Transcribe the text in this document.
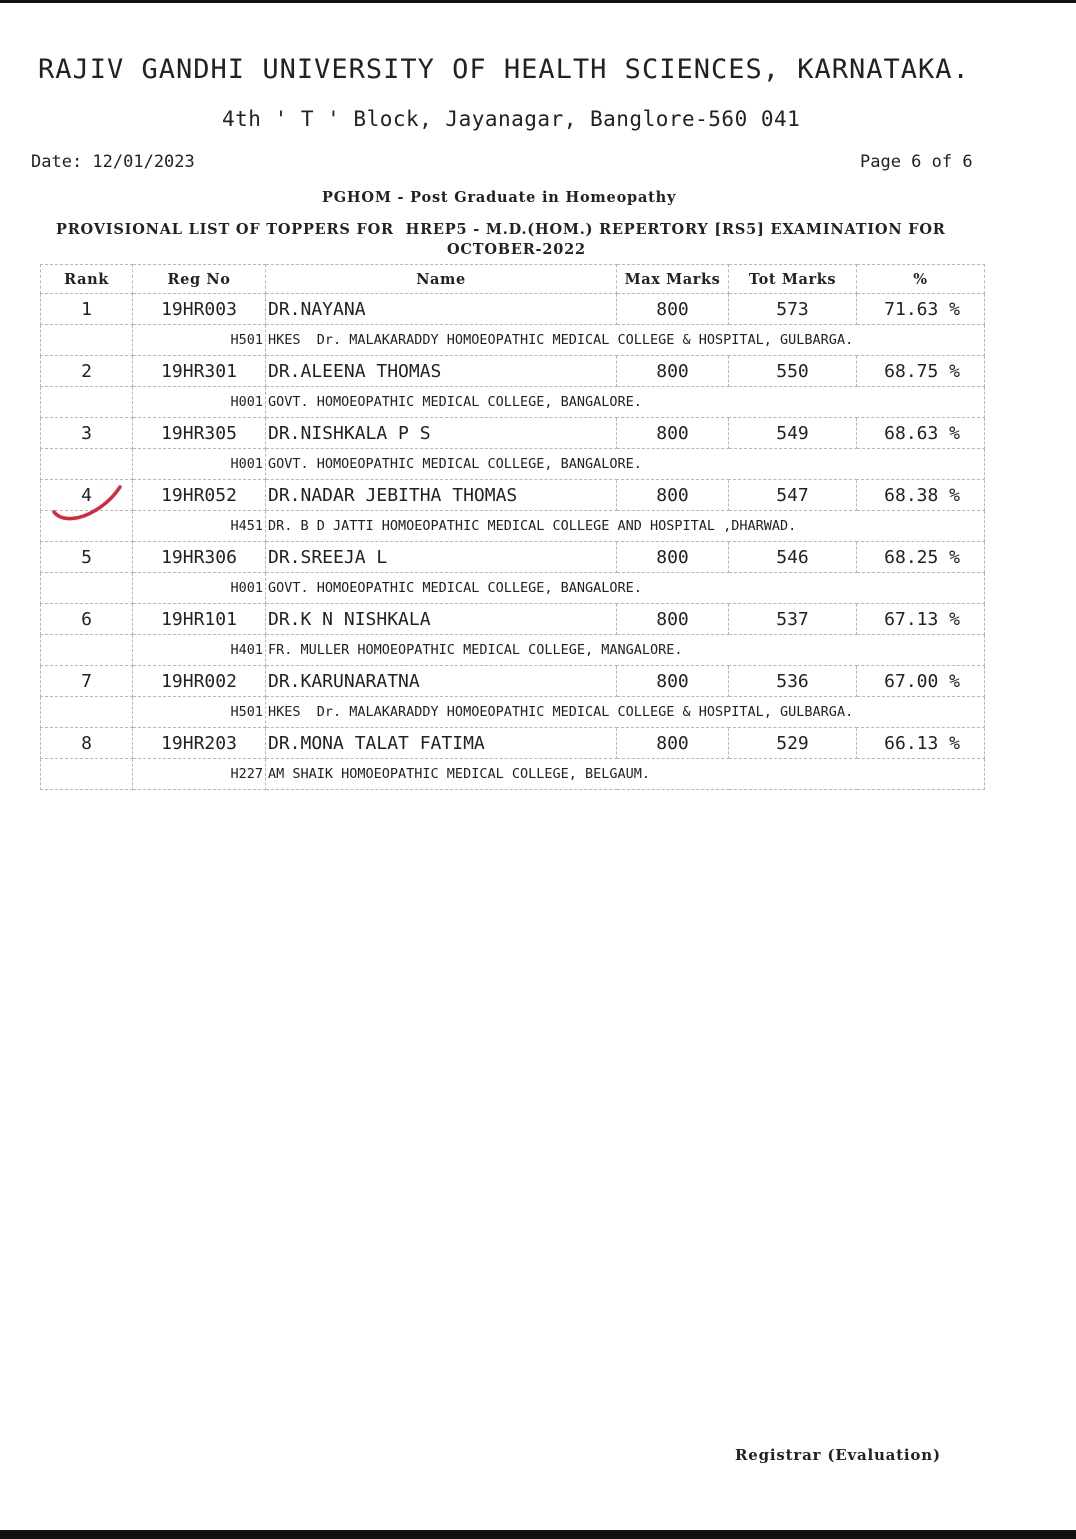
RAJIV GANDHI UNIVERSITY OF HEALTH SCIENCES, KARNATAKA.
4th ' T ' Block, Jayanagar, Banglore-560 041
Date: 12/01/2023	Page 6 of 6
PGHOM - Post Graduate in Homeopathy
PROVISIONAL LIST OF TOPPERS FOR  HREP5 - M.D.(HOM.) REPERTORY [RS5] EXAMINATION FOR
OCTOBER-2022
Rank	Reg No	Name	Max Marks	Tot Marks	%
1	19HR003	DR.NAYANA	800	573	71.63 %
	H501	HKES  Dr. MALAKARADDY HOMOEOPATHIC MEDICAL COLLEGE & HOSPITAL, GULBARGA.			
2	19HR301	DR.ALEENA THOMAS	800	550	68.75 %
	H001	GOVT. HOMOEOPATHIC MEDICAL COLLEGE, BANGALORE.			
3	19HR305	DR.NISHKALA P S	800	549	68.63 %
	H001	GOVT. HOMOEOPATHIC MEDICAL COLLEGE, BANGALORE.			
4	19HR052	DR.NADAR JEBITHA THOMAS	800	547	68.38 %
	H451	DR. B D JATTI HOMOEOPATHIC MEDICAL COLLEGE AND HOSPITAL ,DHARWAD.			
5	19HR306	DR.SREEJA L	800	546	68.25 %
	H001	GOVT. HOMOEOPATHIC MEDICAL COLLEGE, BANGALORE.			
6	19HR101	DR.K N NISHKALA	800	537	67.13 %
	H401	FR. MULLER HOMOEOPATHIC MEDICAL COLLEGE, MANGALORE.			
7	19HR002	DR.KARUNARATNA	800	536	67.00 %
	H501	HKES  Dr. MALAKARADDY HOMOEOPATHIC MEDICAL COLLEGE & HOSPITAL, GULBARGA.			
8	19HR203	DR.MONA TALAT FATIMA	800	529	66.13 %
	H227	AM SHAIK HOMOEOPATHIC MEDICAL COLLEGE, BELGAUM.			
Registrar (Evaluation)
